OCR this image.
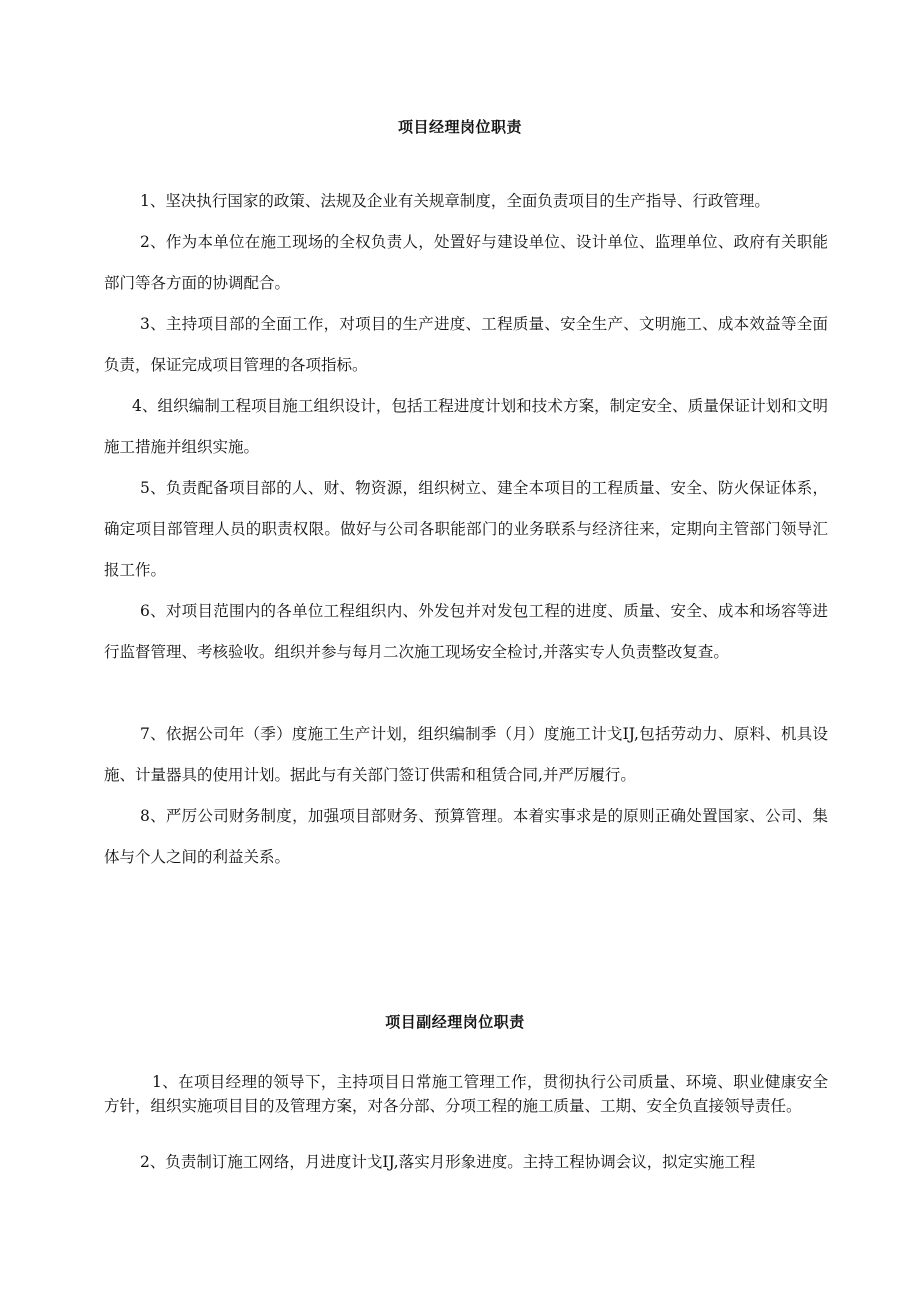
项目经理岗位职责

1、坚决执行国家的政策、法规及企业有关规章制度，全面负责项目的生产指导、行政管理。

2、作为本单位在施工现场的全权负责人，处置好与建设单位、设计单位、监理单位、政府有关职能部门等各方面的协调配合。

3、主持项目部的全面工作，对项目的生产进度、工程质量、安全生产、文明施工、成本效益等全面负责，保证完成项目管理的各项指标。

4、组织编制工程项目施工组织设计，包括工程进度计划和技术方案，制定安全、质量保证计划和文明施工措施并组织实施。

5、负责配备项目部的人、财、物资源，组织树立、建全本项目的工程质量、安全、防火保证体系，确定项目部管理人员的职责权限。做好与公司各职能部门的业务联系与经济往来，定期向主管部门领导汇报工作。

6、对项目范围内的各单位工程组织内、外发包并对发包工程的进度、质量、安全、成本和场容等进行监督管理、考核验收。组织并参与每月二次施工现场安全检讨,并落实专人负责整改复查。

7、依据公司年（季）度施工生产计划，组织编制季（月）度施工计戈IJ,包括劳动力、原料、机具设施、计量器具的使用计划。据此与有关部门签订供需和租赁合同,并严厉履行。

8、严厉公司财务制度，加强项目部财务、预算管理。本着实事求是的原则正确处置国家、公司、集体与个人之间的利益关系。

项目副经理岗位职责

1、在项目经理的领导下，主持项目日常施工管理工作，贯彻执行公司质量、环境、职业健康安全方针，组织实施项目目的及管理方案，对各分部、分项工程的施工质量、工期、安全负直接领导责任。

2、负责制订施工网络，月进度计戈IJ,落实月形象进度。主持工程协调会议，拟定实施工程
